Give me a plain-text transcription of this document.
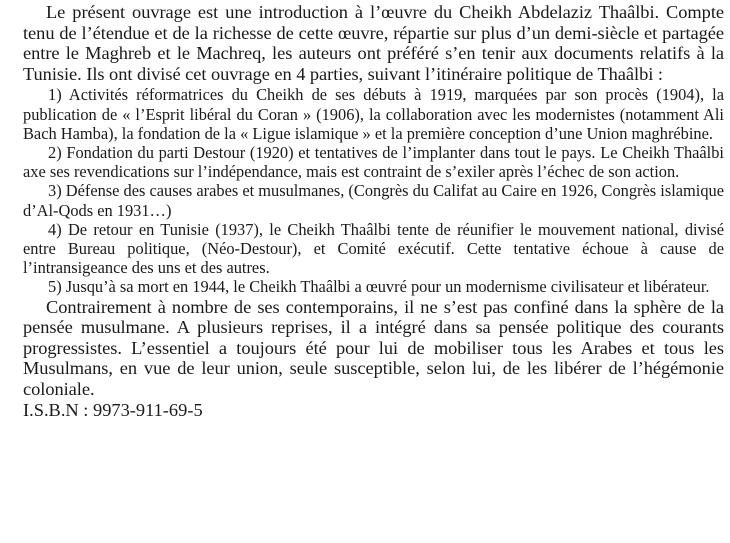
Le présent ouvrage est une introduction à l’œuvre du Cheikh Abdelaziz Thaâlbi. Compte tenu de l’étendue et de la richesse de cette œuvre, répartie sur plus d’un demi-siècle et partagée entre le Maghreb et le Machreq, les auteurs ont préféré s’en tenir aux documents relatifs à la Tunisie. Ils ont divisé cet ouvrage en 4 parties, suivant l’itinéraire politique de Thaâlbi :

1) Activités réformatrices du Cheikh de ses débuts à 1919, marquées par son procès (1904), la publication de « l’Esprit libéral du Coran » (1906), la collaboration avec les modernistes (notamment Ali Bach Hamba), la fondation de la « Ligue islamique » et la première conception d’une Union maghrébine.
2) Fondation du parti Destour (1920) et tentatives de l’implanter dans tout le pays. Le Cheikh Thaâlbi axe ses revendications sur l’indépendance, mais est contraint de s’exiler après l’échec de son action.
3) Défense des causes arabes et musulmanes, (Congrès du Califat au Caire en 1926, Congrès islamique d’Al-Qods en 1931…)
4) De retour en Tunisie (1937), le Cheikh Thaâlbi tente de réunifier le mouvement national, divisé entre Bureau politique, (Néo-Destour), et Comité exécutif. Cette tentative échoue à cause de l’intransigeance des uns et des autres.
5) Jusqu’à sa mort en 1944, le Cheikh Thaâlbi a œuvré pour un modernisme civilisateur et libérateur.

Contrairement à nombre de ses contemporains, il ne s’est pas confiné dans la sphère de la pensée musulmane. A plusieurs reprises, il a intégré dans sa pensée politique des courants progressistes. L’essentiel a toujours été pour lui de mobiliser tous les Arabes et tous les Musulmans, en vue de leur union, seule susceptible, selon lui, de les libérer de l’hégémonie coloniale.

I.S.B.N : 9973-911-69-5
